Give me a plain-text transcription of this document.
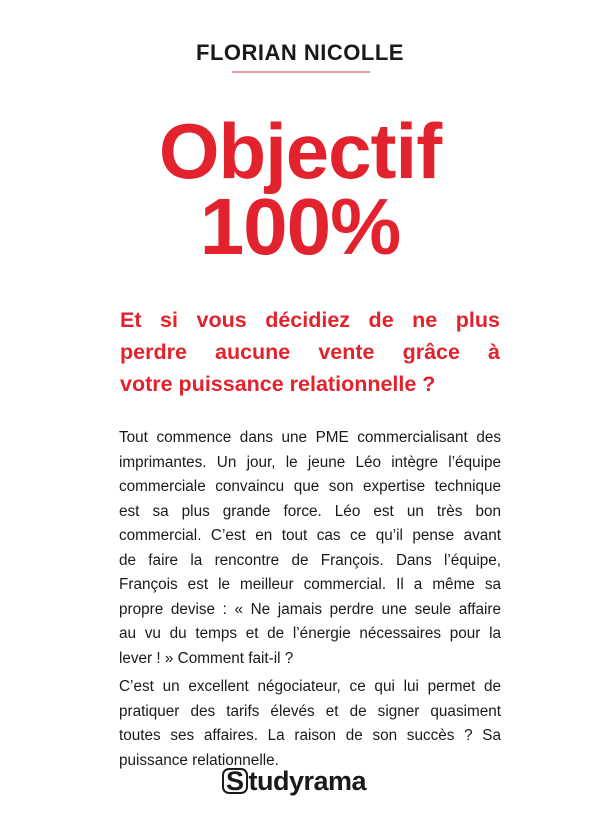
FLORIAN NICOLLE
Objectif
100%
Et si vous décidiez de ne plus
perdre aucune vente grâce à
votre puissance relationnelle ?
Tout commence dans une PME commercialisant des
imprimantes. Un jour, le jeune Léo intègre l’équipe
commerciale convaincu que son expertise technique
est sa plus grande force. Léo est un très bon
commercial. C’est en tout cas ce qu’il pense avant
de faire la rencontre de François. Dans l’équipe,
François est le meilleur commercial. Il a même sa
propre devise : « Ne jamais perdre une seule affaire
au vu du temps et de l’énergie nécessaires pour la
lever ! » Comment fait-il ?
C’est un excellent négociateur, ce qui lui permet de
pratiquer des tarifs élevés et de signer quasiment
toutes ses affaires. La raison de son succès ? Sa
puissance relationnelle.
S tudyrama
